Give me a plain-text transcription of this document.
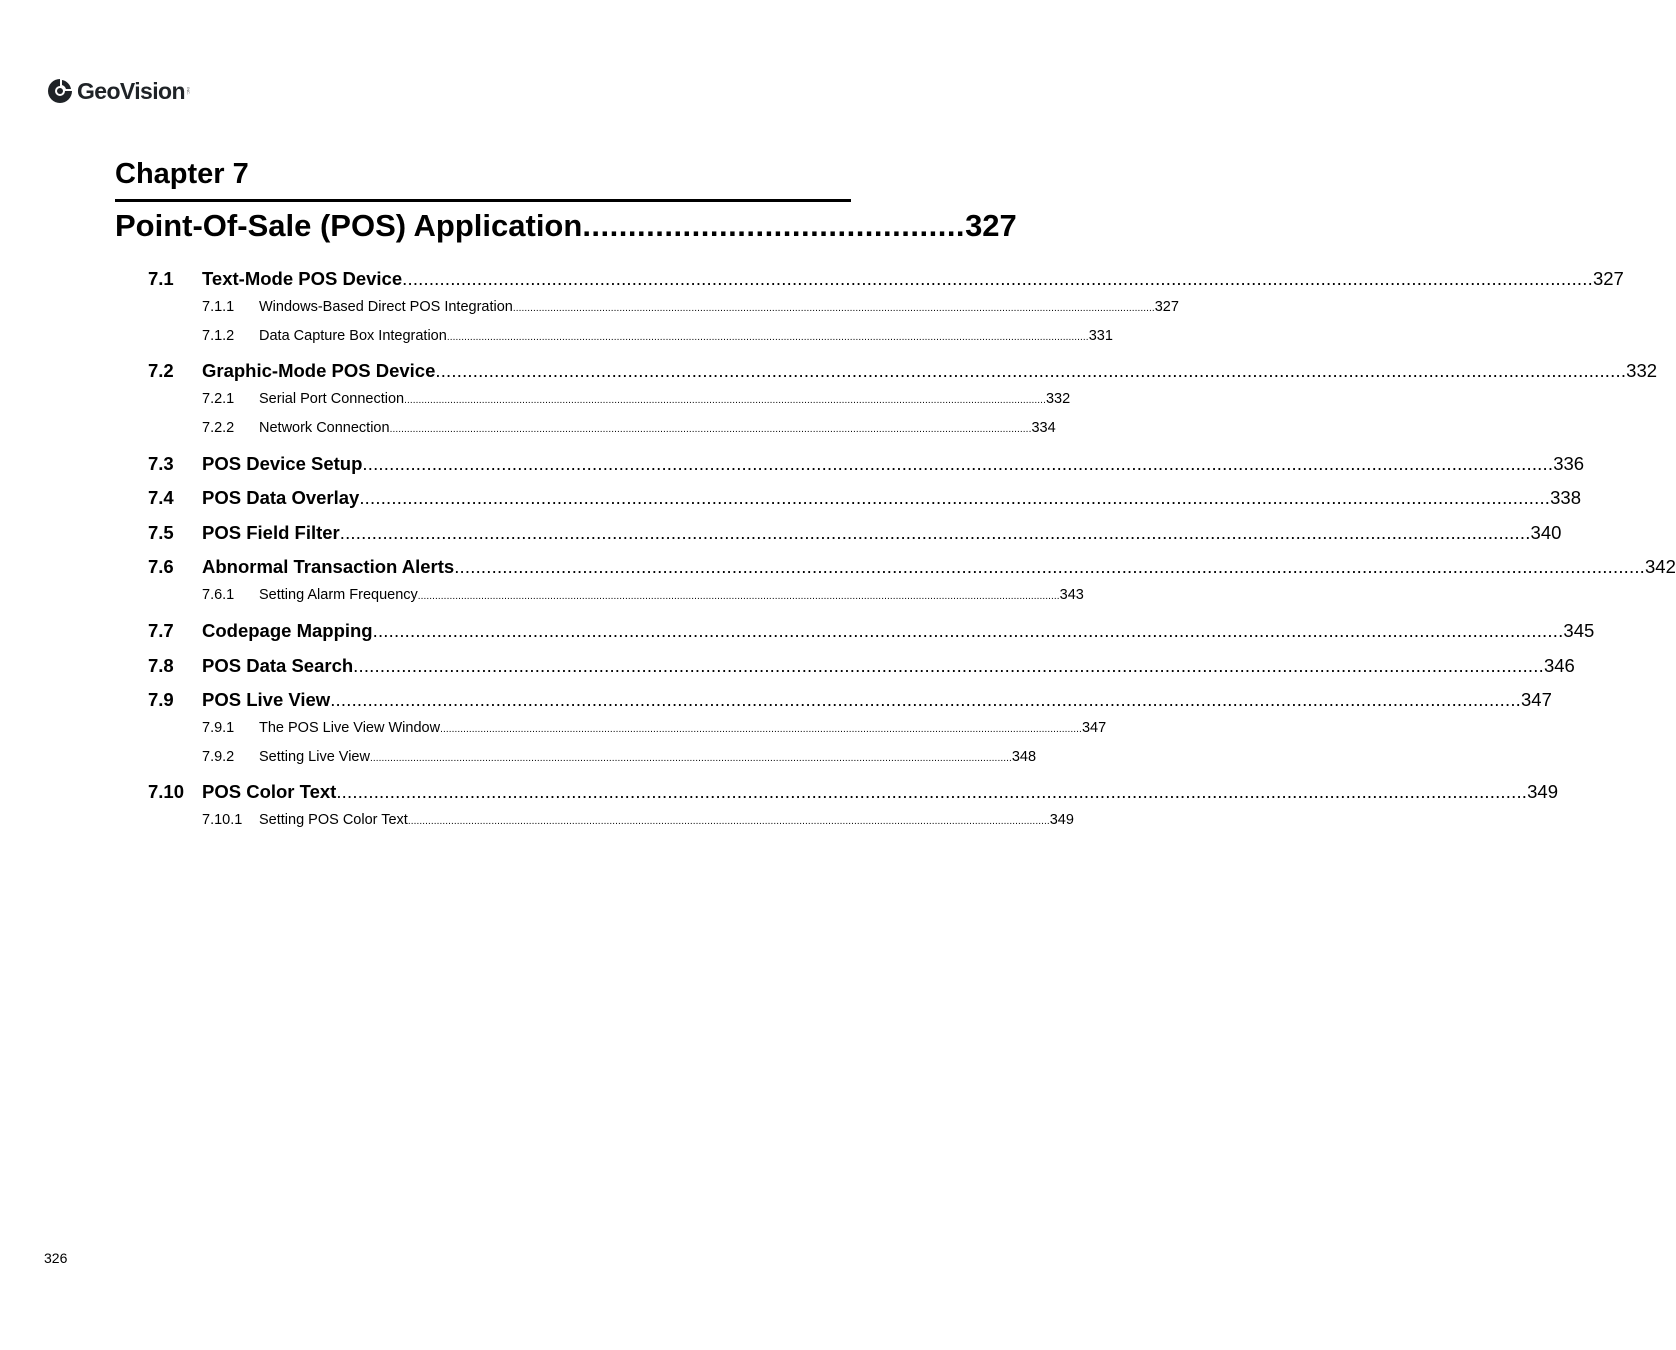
GeoVision INC.
Chapter 7
Point-Of-Sale (POS) Application .......................................... 327
7.1	Text-Mode POS Device ............................................................................................................................................................................................................................... 327
7.1.1	Windows-Based Direct POS Integration ............................................................................................................................................................................................................................... 327
7.1.2	Data Capture Box Integration ............................................................................................................................................................................................................................... 331
7.2	Graphic-Mode POS Device ............................................................................................................................................................................................................................... 332
7.2.1	Serial Port Connection ............................................................................................................................................................................................................................... 332
7.2.2	Network Connection ............................................................................................................................................................................................................................... 334
7.3	POS Device Setup ............................................................................................................................................................................................................................... 336
7.4	POS Data Overlay ............................................................................................................................................................................................................................... 338
7.5	POS Field Filter ............................................................................................................................................................................................................................... 340
7.6	Abnormal Transaction Alerts ............................................................................................................................................................................................................................... 342
7.6.1	Setting Alarm Frequency ............................................................................................................................................................................................................................... 343
7.7	Codepage Mapping ............................................................................................................................................................................................................................... 345
7.8	POS Data Search ............................................................................................................................................................................................................................... 346
7.9	POS Live View ............................................................................................................................................................................................................................... 347
7.9.1	The POS Live View Window ............................................................................................................................................................................................................................... 347
7.9.2	Setting Live View ............................................................................................................................................................................................................................... 348
7.10 POS Color Text ............................................................................................................................................................................................................................... 349
7.10.1	Setting POS Color Text ............................................................................................................................................................................................................................... 349
326
